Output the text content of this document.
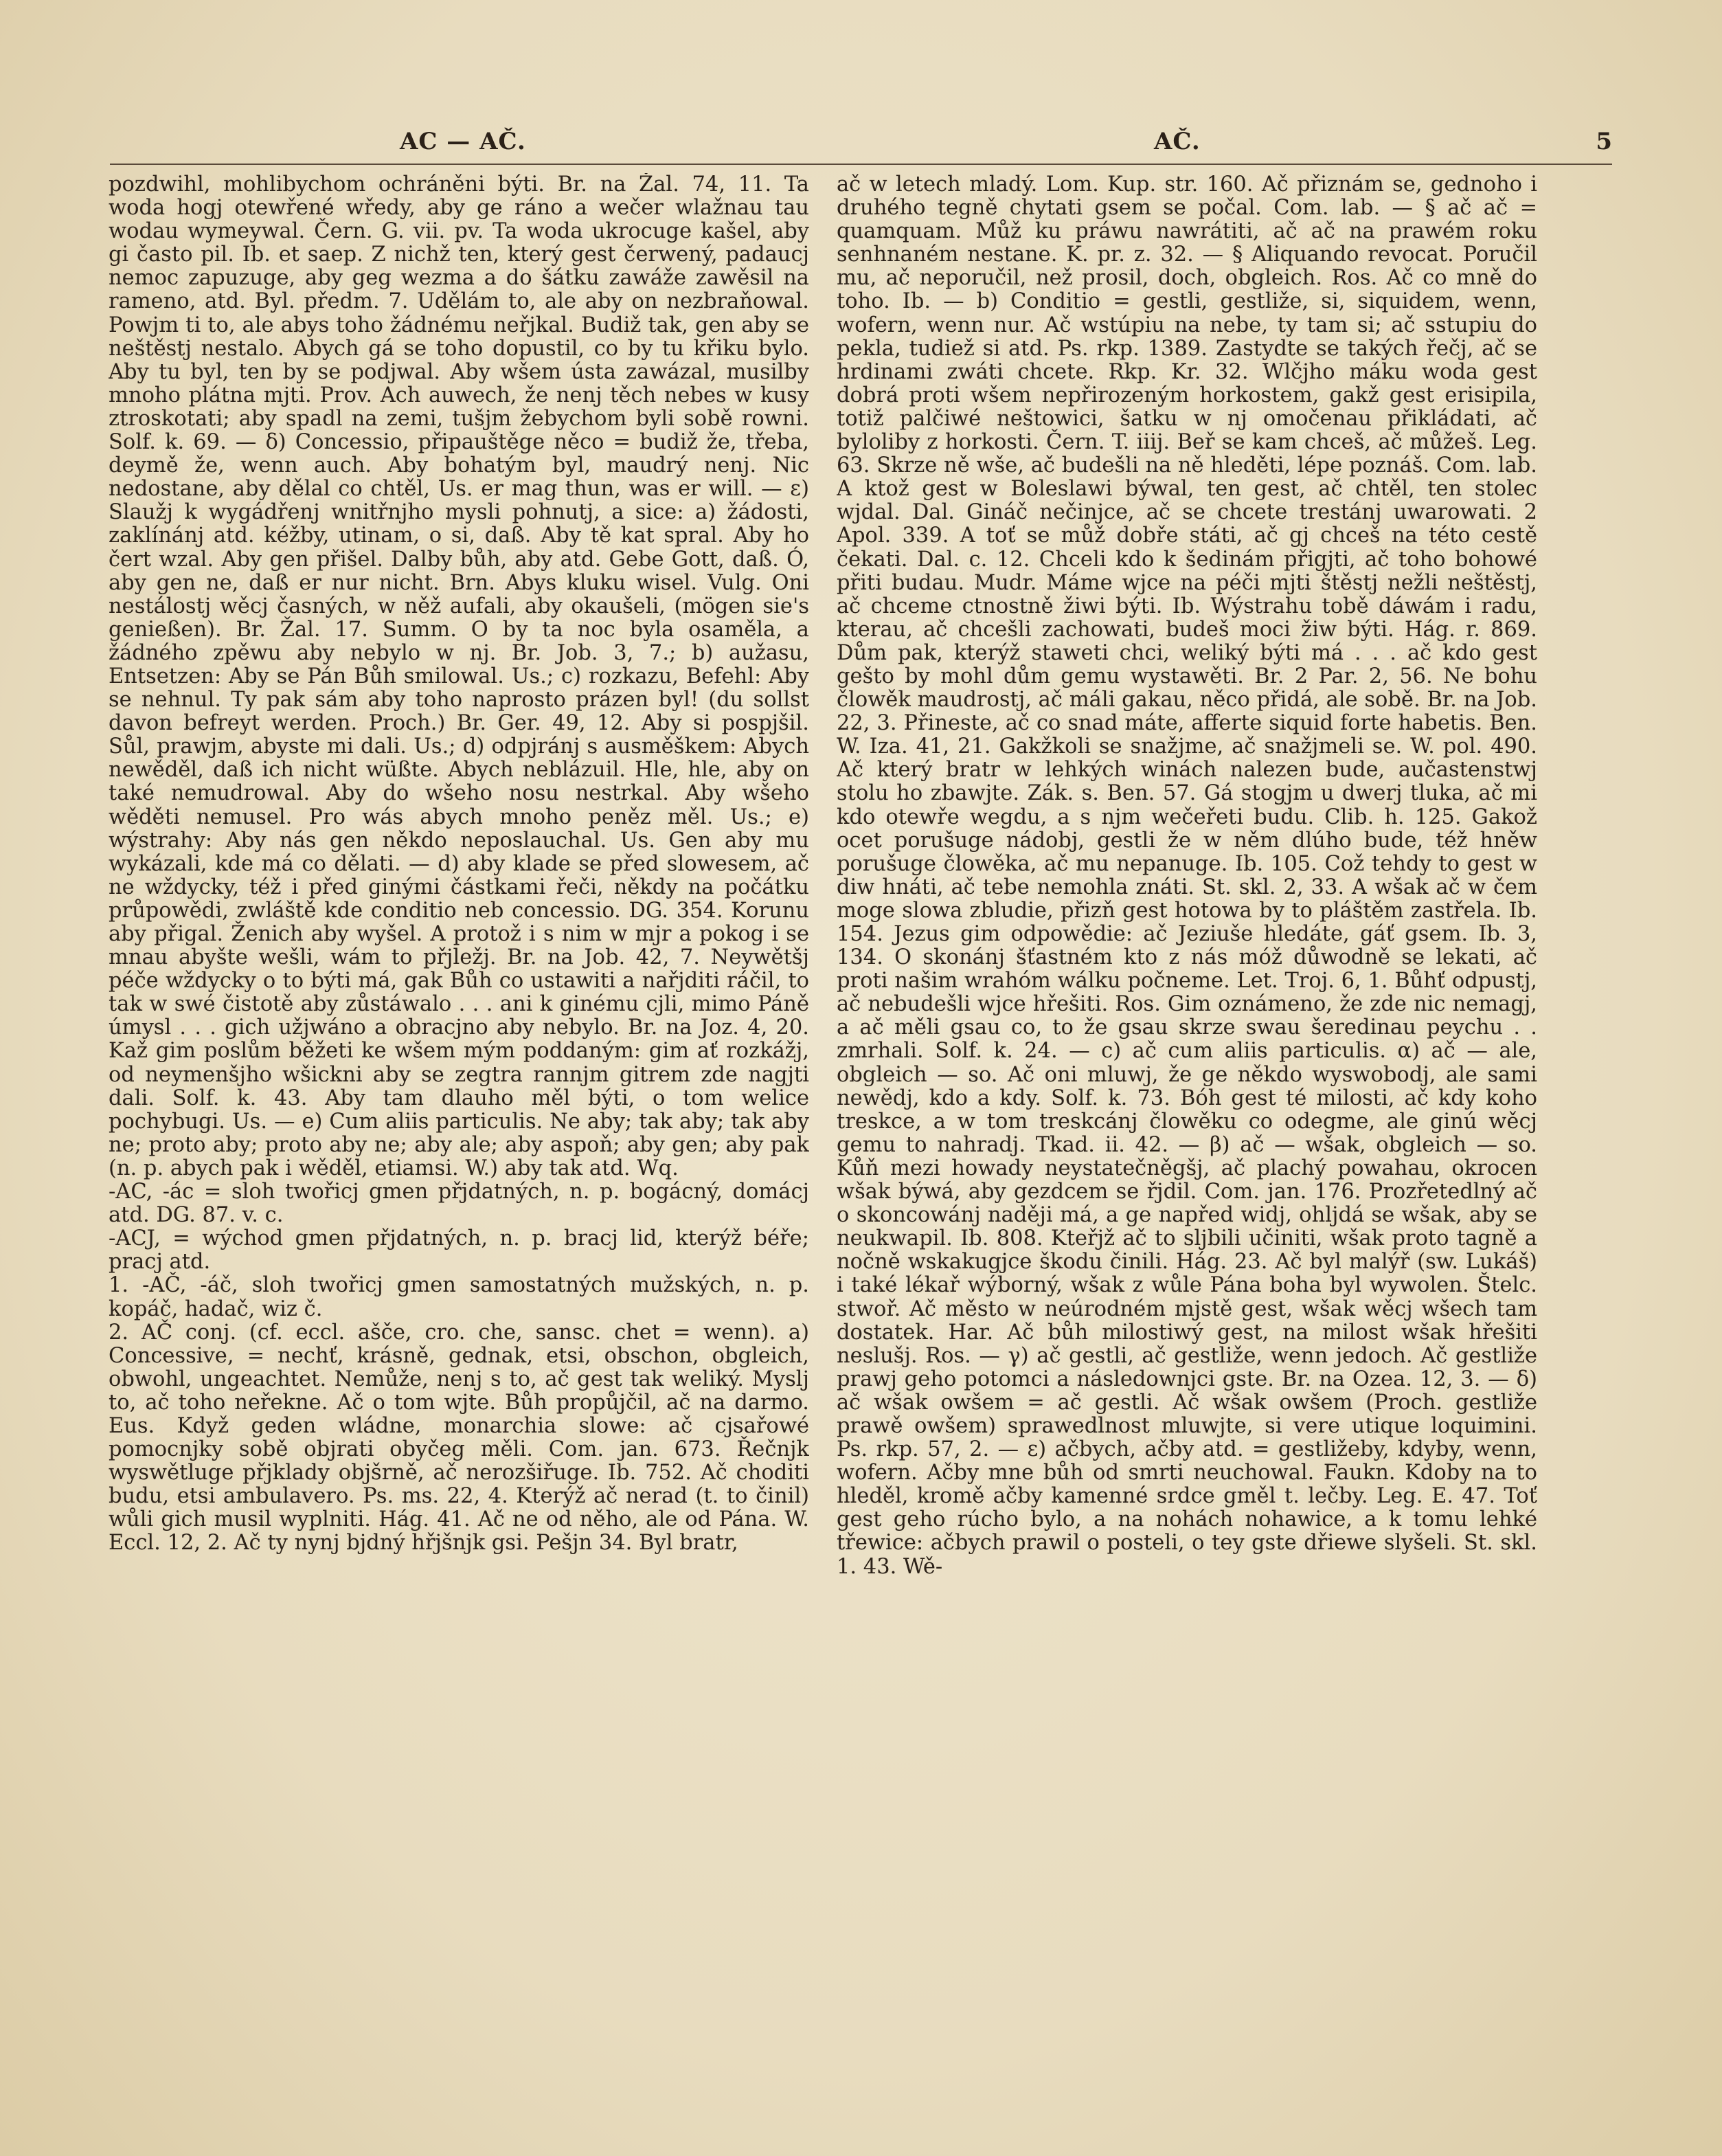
AC — AČ.	AČ.	5

pozdwihl, mohlibychom ochráněni býti. Br. na Žal. 74, 11. Ta woda hogj otewřené wředy, aby ge ráno a wečer wlažnau tau wodau wymeywal. Čern. G. vii. pv. Ta woda ukrocuge kašel, aby gi často pil. Ib. et saep. Z nichž ten, který gest čerwený, padaucj nemoc zapuzuge, aby geg wezma a do šátku zawáže zawěsil na rameno, atd. Byl. předm. 7. Udělám to, ale aby on nezbraňowal. Powjm ti to, ale abys toho žádnému neřjkal. Budiž tak, gen aby se neštěstj nestalo. Abych gá se toho dopustil, co by tu křiku bylo. Aby tu byl, ten by se podjwal. Aby wšem ústa zawázal, musilby mnoho plátna mjti. Prov. Ach auwech, že nenj těch nebes w kusy ztroskotati; aby spadl na zemi, tušjm žebychom byli sobě rowni. Solf. k. 69. — δ) Concessio, připauštěge něco = budiž že, třeba, deymě že, wenn auch. Aby bohatým byl, maudrý nenj. Nic nedostane, aby dělal co chtěl, Us. er mag thun, was er will. — ε) Slaužj k wygádřenj wnitřnjho mysli pohnutj, a sice: a) žádosti, zaklínánj atd. kéžby, utinam, o si, daß. Aby tě kat spral. Aby ho čert wzal. Aby gen přišel. Dalby bůh, aby atd. Gebe Gott, daß. Ó, aby gen ne, daß er nur nicht. Brn. Abys kluku wisel. Vulg. Oni nestálostj wěcj časných, w něž aufali, aby okaušeli, (mögen sie's genießen). Br. Žal. 17. Summ. O by ta noc byla osaměla, a žádného zpěwu aby nebylo w nj. Br. Job. 3, 7.; b) aužasu, Entsetzen: Aby se Pán Bůh smilowal. Us.; c) rozkazu, Befehl: Aby se nehnul. Ty pak sám aby toho naprosto prázen byl! (du sollst davon befreyt werden. Proch.) Br. Ger. 49, 12. Aby si pospjšil. Sůl, prawjm, abyste mi dali. Us.; d) odpjránj s ausměškem: Abych newěděl, daß ich nicht wüßte. Abych neblázuil. Hle, hle, aby on také nemudrowal. Aby do wšeho nosu nestrkal. Aby wšeho wěděti nemusel. Pro wás abych mnoho peněz měl. Us.; e) wýstrahy: Aby nás gen někdo neposlauchal. Us. Gen aby mu wykázali, kde má co dělati. — d) aby klade se před slowesem, ač ne wždycky, též i před ginými částkami řeči, někdy na počátku průpowědi, zwláště kde conditio neb concessio. DG. 354. Korunu aby přigal. Ženich aby wyšel. A protož i s nim w mjr a pokog i se mnau abyšte wešli, wám to přjležj. Br. na Job. 42, 7. Neywětšj péče wždycky o to býti má, gak Bůh co ustawiti a nařjditi ráčil, to tak w swé čistotě aby zůstáwalo . . . ani k ginému cjli, mimo Páně úmysl . . . gich užjwáno a obracjno aby nebylo. Br. na Joz. 4, 20. Kaž gim poslům běžeti ke wšem mým poddaným: gim ať rozkážj, od neymenšjho wšickni aby se zegtra rannjm gitrem zde nagjti dali. Solf. k. 43. Aby tam dlauho měl býti, o tom welice pochybugi. Us. — e) Cum aliis particulis. Ne aby; tak aby; tak aby ne; proto aby; proto aby ne; aby ale; aby aspoň; aby gen; aby pak (n. p. abych pak i wěděl, etiamsi. W.) aby tak atd. Wq.

-AC, -ác = sloh twořicj gmen přjdatných, n. p. bogácný, domácj atd. DG. 87. v. c.

-ACJ, = wýchod gmen přjdatných, n. p. bracj lid, kterýž béře; pracj atd.

1. -AČ, -áč, sloh twořicj gmen samostatných mužských, n. p. kopáč, hadač, wiz č.

2. AČ conj. (cf. eccl. ašče, cro. che, sansc. chet = wenn). a) Concessive, = nechť, krásně, gednak, etsi, obschon, obgleich, obwohl, ungeachtet. Nemůže, nenj s to, ač gest tak weliký. Myslj to, ač toho neřekne. Ač o tom wjte. Bůh propůjčil, ač na darmo. Eus. Když geden wládne, monarchia slowe: ač cjsařowé pomocnjky sobě objrati obyčeg měli. Com. jan. 673. Řečnjk wyswětluge přjklady objšrně, ač nerozšiřuge. Ib. 752. Ač choditi budu, etsi ambulavero. Ps. ms. 22, 4. Kterýž ač nerad (t. to činil) wůli gich musil wyplniti. Hág. 41. Ač ne od něho, ale od Pána. W. Eccl. 12, 2. Ač ty nynj bjdný hřjšnjk gsi. Pešjn 34. Byl bratr,

ač w letech mladý. Lom. Kup. str. 160. Ač přiznám se, gednoho i druhého tegně chytati gsem se počal. Com. lab. — § ač ač = quamquam. Můž ku práwu nawrátiti, ač ač na prawém roku senhnaném nestane. K. pr. z. 32. — § Aliquando revocat. Poručil mu, ač neporučil, než prosil, doch, obgleich. Ros. Ač co mně do toho. Ib. — b) Conditio = gestli, gestliže, si, siquidem, wenn, wofern, wenn nur. Ač wstúpiu na nebe, ty tam si; ač sstupiu do pekla, tudiež si atd. Ps. rkp. 1389. Zastydte se takých řečj, ač se hrdinami zwáti chcete. Rkp. Kr. 32. Wlčjho máku woda gest dobrá proti wšem nepřirozeným horkostem, gakž gest erisipila, totiž palčiwé neštowici, šatku w nj omočenau přikládati, ač byloliby z horkosti. Čern. T. iiij. Beř se kam chceš, ač můžeš. Leg. 63. Skrze ně wše, ač budešli na ně hleděti, lépe poznáš. Com. lab. A ktož gest w Boleslawi býwal, ten gest, ač chtěl, ten stolec wjdal. Dal. Gináč nečinjce, ač se chcete trestánj uwarowati. 2 Apol. 339. A toť se můž dobře státi, ač gj chceš na této cestě čekati. Dal. c. 12. Chceli kdo k šedinám přigjti, ač toho bohowé přiti budau. Mudr. Máme wjce na péči mjti štěstj nežli neštěstj, ač chceme ctnostně žiwi býti. Ib. Wýstrahu tobě dáwám i radu, kterau, ač chcešli zachowati, budeš moci žiw býti. Hág. r. 869. Dům pak, kterýž staweti chci, weliký býti má . . . ač kdo gest gešto by mohl dům gemu wystawěti. Br. 2 Par. 2, 56. Ne bohu člowěk maudrostj, ač máli gakau, něco přidá, ale sobě. Br. na Job. 22, 3. Přineste, ač co snad máte, afferte siquid forte habetis. Ben. W. Iza. 41, 21. Gakžkoli se snažjme, ač snažjmeli se. W. pol. 490. Ač který bratr w lehkých winách nalezen bude, aučastenstwj stolu ho zbawjte. Zák. s. Ben. 57. Gá stogjm u dwerj tluka, ač mi kdo otewře wegdu, a s njm wečeřeti budu. Clib. h. 125. Gakož ocet porušuge nádobj, gestli že w něm dlúho bude, též hněw porušuge člowěka, ač mu nepanuge. Ib. 105. Což tehdy to gest w diw hnáti, ač tebe nemohla znáti. St. skl. 2, 33. A wšak ač w čem moge slowa zbludie, přizň gest hotowa by to pláštěm zastřela. Ib. 154. Jezus gim odpowědie: ač Jeziuše hledáte, gáť gsem. Ib. 3, 134. O skonánj šťastném kto z nás móž důwodně se lekati, ač proti našim wrahóm wálku počneme. Let. Troj. 6, 1. Bůhť odpustj, ač nebudešli wjce hřešiti. Ros. Gim oznámeno, že zde nic nemagj, a ač měli gsau co, to že gsau skrze swau šeredinau peychu . . zmrhali. Solf. k. 24. — c) ač cum aliis particulis. α) ač — ale, obgleich — so. Ač oni mluwj, že ge někdo wyswobodj, ale sami newědj, kdo a kdy. Solf. k. 73. Bóh gest té milosti, ač kdy koho treskce, a w tom treskcánj člowěku co odegme, ale ginú wěcj gemu to nahradj. Tkad. ii. 42. — β) ač — wšak, obgleich — so. Kůň mezi howady neystatečněgšj, ač plachý powahau, okrocen wšak býwá, aby gezdcem se řjdil. Com. jan. 176. Prozřetedlný ač o skoncowánj naději má, a ge napřed widj, ohljdá se wšak, aby se neukwapil. Ib. 808. Kteřjž ač to sljbili učiniti, wšak proto tagně a nočně wskakugjce škodu činili. Hág. 23. Ač byl malýř (sw. Lukáš) i také lékař wýborný, wšak z wůle Pána boha byl wywolen. Štelc. stwoř. Ač město w neúrodném mjstě gest, wšak wěcj wšech tam dostatek. Har. Ač bůh milostiwý gest, na milost wšak hřešiti neslušj. Ros. — γ) ač gestli, ač gestliže, wenn jedoch. Ač gestliže prawj geho potomci a následownjci gste. Br. na Ozea. 12, 3. — δ) ač wšak owšem = ač gestli. Ač wšak owšem (Proch. gestliže prawě owšem) sprawedlnost mluwjte, si vere utique loquimini. Ps. rkp. 57, 2. — ε) ačbych, ačby atd. = gestližeby, kdyby, wenn, wofern. Ačby mne bůh od smrti neuchowal. Faukn. Kdoby na to hleděl, kromě ačby kamenné srdce gměl t. lečby. Leg. E. 47. Toť gest geho rúcho bylo, a na nohách nohawice, a k tomu lehké třewice: ačbych prawil o posteli, o tey gste dřiewe slyšeli. St. skl. 1. 43. Wě-
